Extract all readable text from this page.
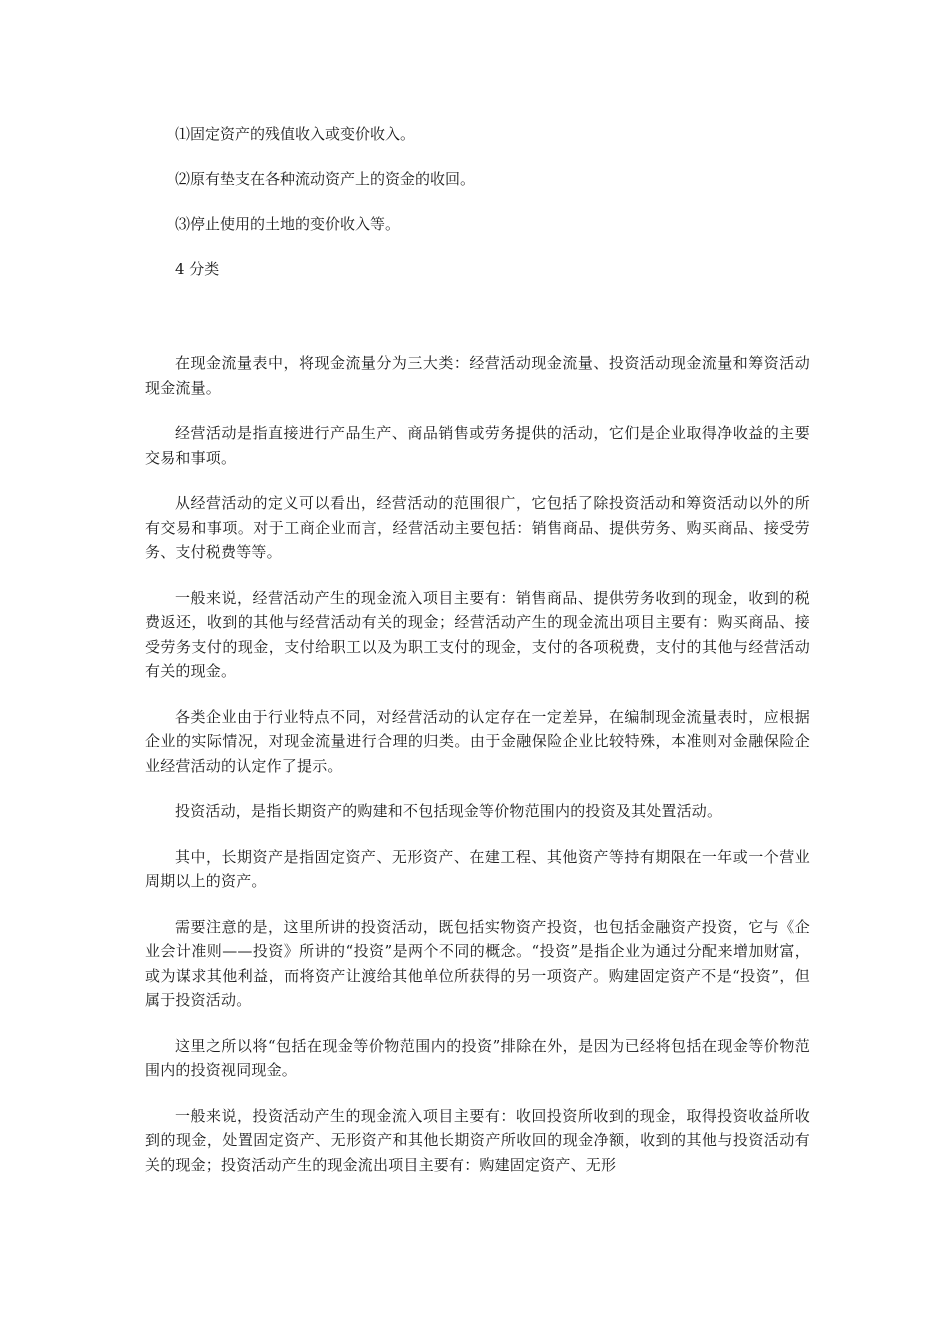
⑴固定资产的残值收入或变价收入。
⑵原有垫支在各种流动资产上的资金的收回。
⑶停止使用的土地的变价收入等。
4 分类

在现金流量表中，将现金流量分为三大类：经营活动现金流量、投资活动现金流量和筹资活动现金流量。

经营活动是指直接进行产品生产、商品销售或劳务提供的活动，它们是企业取得净收益的主要交易和事项。

从经营活动的定义可以看出，经营活动的范围很广，它包括了除投资活动和筹资活动以外的所有交易和事项。对于工商企业而言，经营活动主要包括：销售商品、提供劳务、购买商品、接受劳务、支付税费等等。

一般来说，经营活动产生的现金流入项目主要有：销售商品、提供劳务收到的现金，收到的税费返还，收到的其他与经营活动有关的现金；经营活动产生的现金流出项目主要有：购买商品、接受劳务支付的现金，支付给职工以及为职工支付的现金，支付的各项税费，支付的其他与经营活动有关的现金。

各类企业由于行业特点不同，对经营活动的认定存在一定差异，在编制现金流量表时，应根据企业的实际情况，对现金流量进行合理的归类。由于金融保险企业比较特殊，本准则对金融保险企业经营活动的认定作了提示。

投资活动，是指长期资产的购建和不包括现金等价物范围内的投资及其处置活动。

其中，长期资产是指固定资产、无形资产、在建工程、其他资产等持有期限在一年或一个营业周期以上的资产。

需要注意的是，这里所讲的投资活动，既包括实物资产投资，也包括金融资产投资，它与《企业会计准则——投资》所讲的“投资”是两个不同的概念。“投资”是指企业为通过分配来增加财富，或为谋求其他利益，而将资产让渡给其他单位所获得的另一项资产。购建固定资产不是“投资”，但属于投资活动。

这里之所以将“包括在现金等价物范围内的投资”排除在外，是因为已经将包括在现金等价物范围内的投资视同现金。

一般来说，投资活动产生的现金流入项目主要有：收回投资所收到的现金，取得投资收益所收到的现金，处置固定资产、无形资产和其他长期资产所收回的现金净额，收到的其他与投资活动有关的现金；投资活动产生的现金流出项目主要有：购建固定资产、无形
